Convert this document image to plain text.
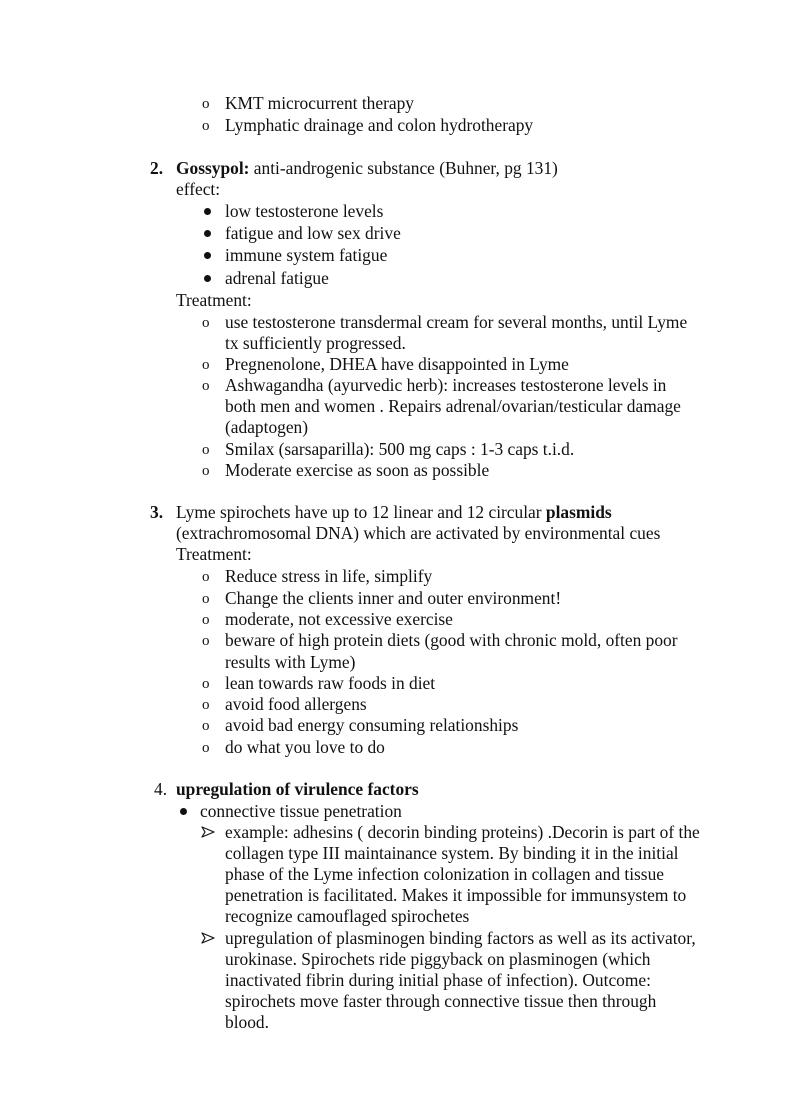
o KMT microcurrent therapy
o Lymphatic drainage and colon hydrotherapy
2. Gossypol: anti-androgenic substance (Buhner, pg 131)
effect:
low testosterone levels
fatigue and low sex drive
immune system fatigue
adrenal fatigue
Treatment:
o use testosterone transdermal cream for several months, until Lyme
tx sufficiently progressed.
o Pregnenolone, DHEA have disappointed in Lyme
o Ashwagandha (ayurvedic herb): increases testosterone levels in
both men and women . Repairs adrenal/ovarian/testicular damage
(adaptogen)
o Smilax (sarsaparilla): 500 mg caps : 1-3 caps t.i.d.
o Moderate exercise as soon as possible
3. Lyme spirochets have up to 12 linear and 12 circular plasmids
(extrachromosomal DNA) which are activated by environmental cues
Treatment:
o Reduce stress in life, simplify
o Change the clients inner and outer environment!
o moderate, not excessive exercise
o beware of high protein diets (good with chronic mold, often poor
results with Lyme)
o lean towards raw foods in diet
o avoid food allergens
o avoid bad energy consuming relationships
o do what you love to do
4. upregulation of virulence factors
connective tissue penetration
example: adhesins ( decorin binding proteins) .Decorin is part of the
collagen type III maintainance system. By binding it in the initial
phase of the Lyme infection colonization in collagen and tissue
penetration is facilitated. Makes it impossible for immunsystem to
recognize camouflaged spirochetes
upregulation of plasminogen binding factors as well as its activator,
urokinase. Spirochets ride piggyback on plasminogen (which
inactivated fibrin during initial phase of infection). Outcome:
spirochets move faster through connective tissue then through
blood.
